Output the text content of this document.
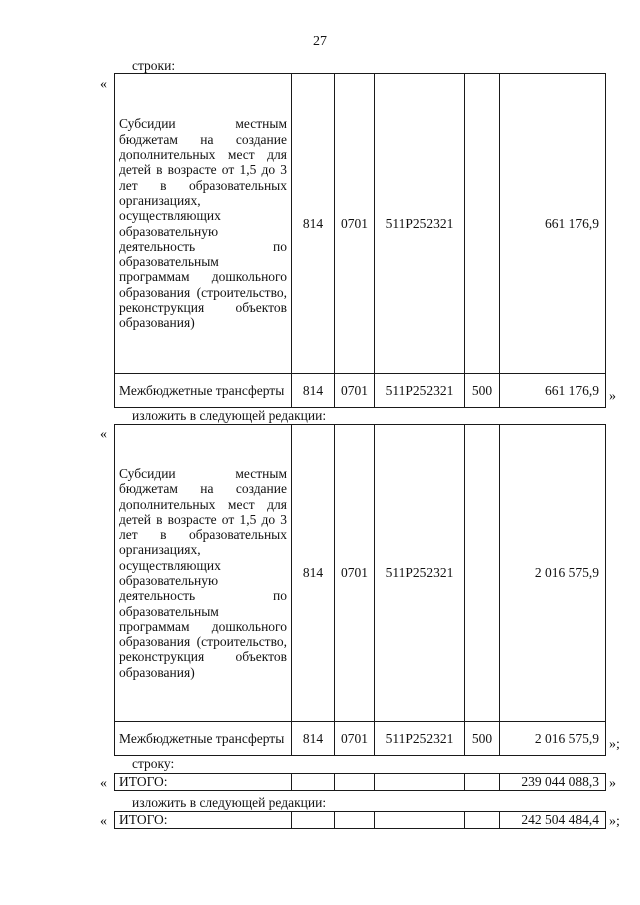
27
строки:
«
Субсидии местным бюджетам на создание дополнительных мест для детей в возрасте от 1,5 до 3 лет в образовательных организациях, осуществляющих образовательную деятельность по образовательным программам дошкольного образования (строительство, реконструкция объектов образования)	814	0701	511P252321		661 176,9
Межбюджетные трансферты	814	0701	511P252321	500	661 176,9 »
изложить в следующей редакции:
«
Субсидии местным бюджетам на создание дополнительных мест для детей в возрасте от 1,5 до 3 лет в образовательных организациях, осуществляющих образовательную деятельность по образовательным программам дошкольного образования (строительство, реконструкция объектов образования)	814	0701	511P252321		2 016 575,9
Межбюджетные трансферты	814	0701	511P252321	500	2 016 575,9 »;
строку:
« ИТОГО:					239 044 088,3 »
изложить в следующей редакции:
« ИТОГО:					242 504 484,4 »;
